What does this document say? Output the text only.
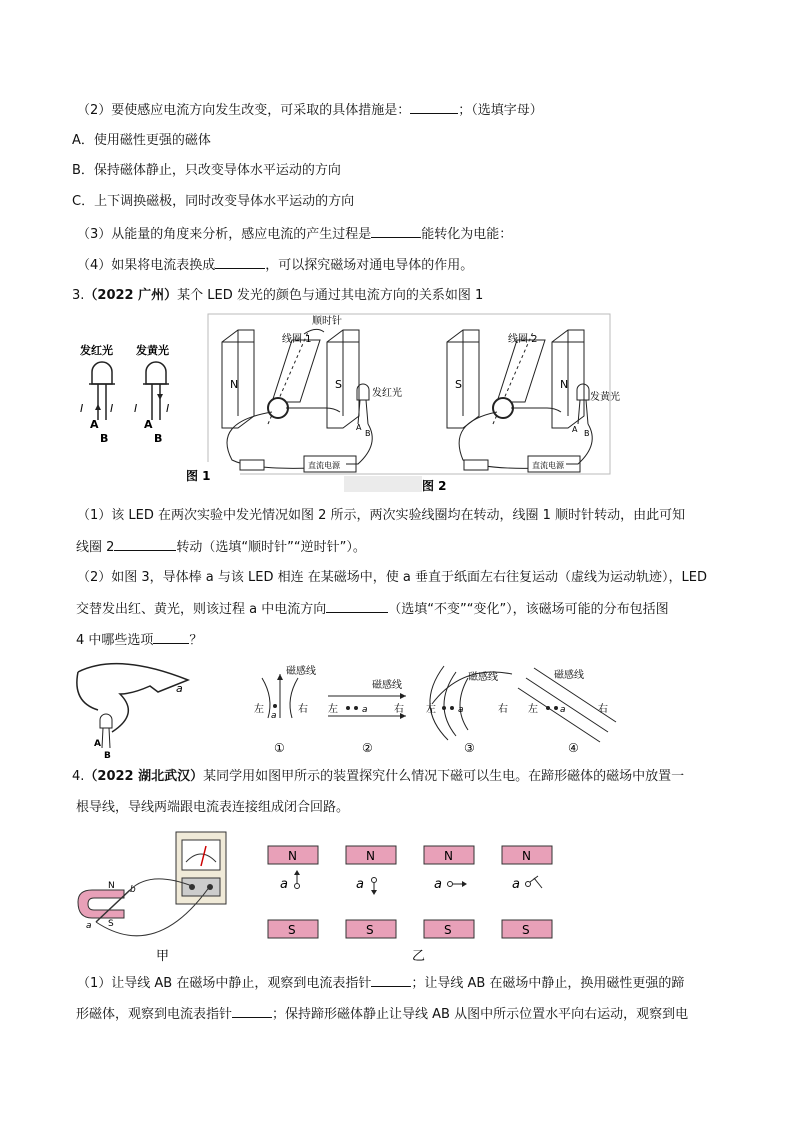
（2）要使感应电流方向发生改变，可采取的具体措施是：	；（选填字母）
A．使用磁性更强的磁体
B．保持磁体静止，只改变导体水平运动的方向
C．上下调换磁极，同时改变导体水平运动的方向
（3）从能量的角度来分析，感应电流的产生过程是	能转化为电能：
（4）如果将电流表换成	，可以探究磁场对通电导体的作用。
3.（2022 广州）某个 LED 发光的颜色与通过其电流方向的关系如图 1
发红光 发黄光
I I
A
B
I	I
A
B
图 1
图 2
N	S
线圈 1
顺时针
直流电源
发红光
A
B
S	N
线圈 2
直流电源
发黄光
A B
（1）该 LED 在两次实验中发光情况如图 2 所示，两次实验线圈均在转动，线圈 1 顺时针转动，由此可知
线圈 2	转动（选填“顺时针”“逆时针”）。
（2）如图 3，导体棒 a 与该 LED 相连 在某磁场中，使 a 垂直于纸面左右往复运动（虚线为运动轨迹），LED
交替发出红、黄光，则该过程 a 中电流方向	（选填“不变”“变化”），该磁场可能的分布包括图
4 中哪些选项	？
a
A
B
左	右
磁感线
a
①
磁感线
左	右
a
②
磁感线
左	右
a
③
磁感线
左	右
a
④
4.（2022 湖北武汉）某同学用如图甲所示的装置探究什么情况下磁可以生电。在蹄形磁体的磁场中放置一
根导线，导线两端跟电流表连接组成闭合回路。
N
S
a
b
甲
N	N	N	N
a	a	a	a
S	S	S	S
乙
（1）让导线 AB 在磁场中静止，观察到电流表指针	；让导线 AB 在磁场中静止，换用磁性更强的蹄
形磁体，观察到电流表指针	；保持蹄形磁体静止让导线 AB 从图中所示位置水平向右运动，观察到电
